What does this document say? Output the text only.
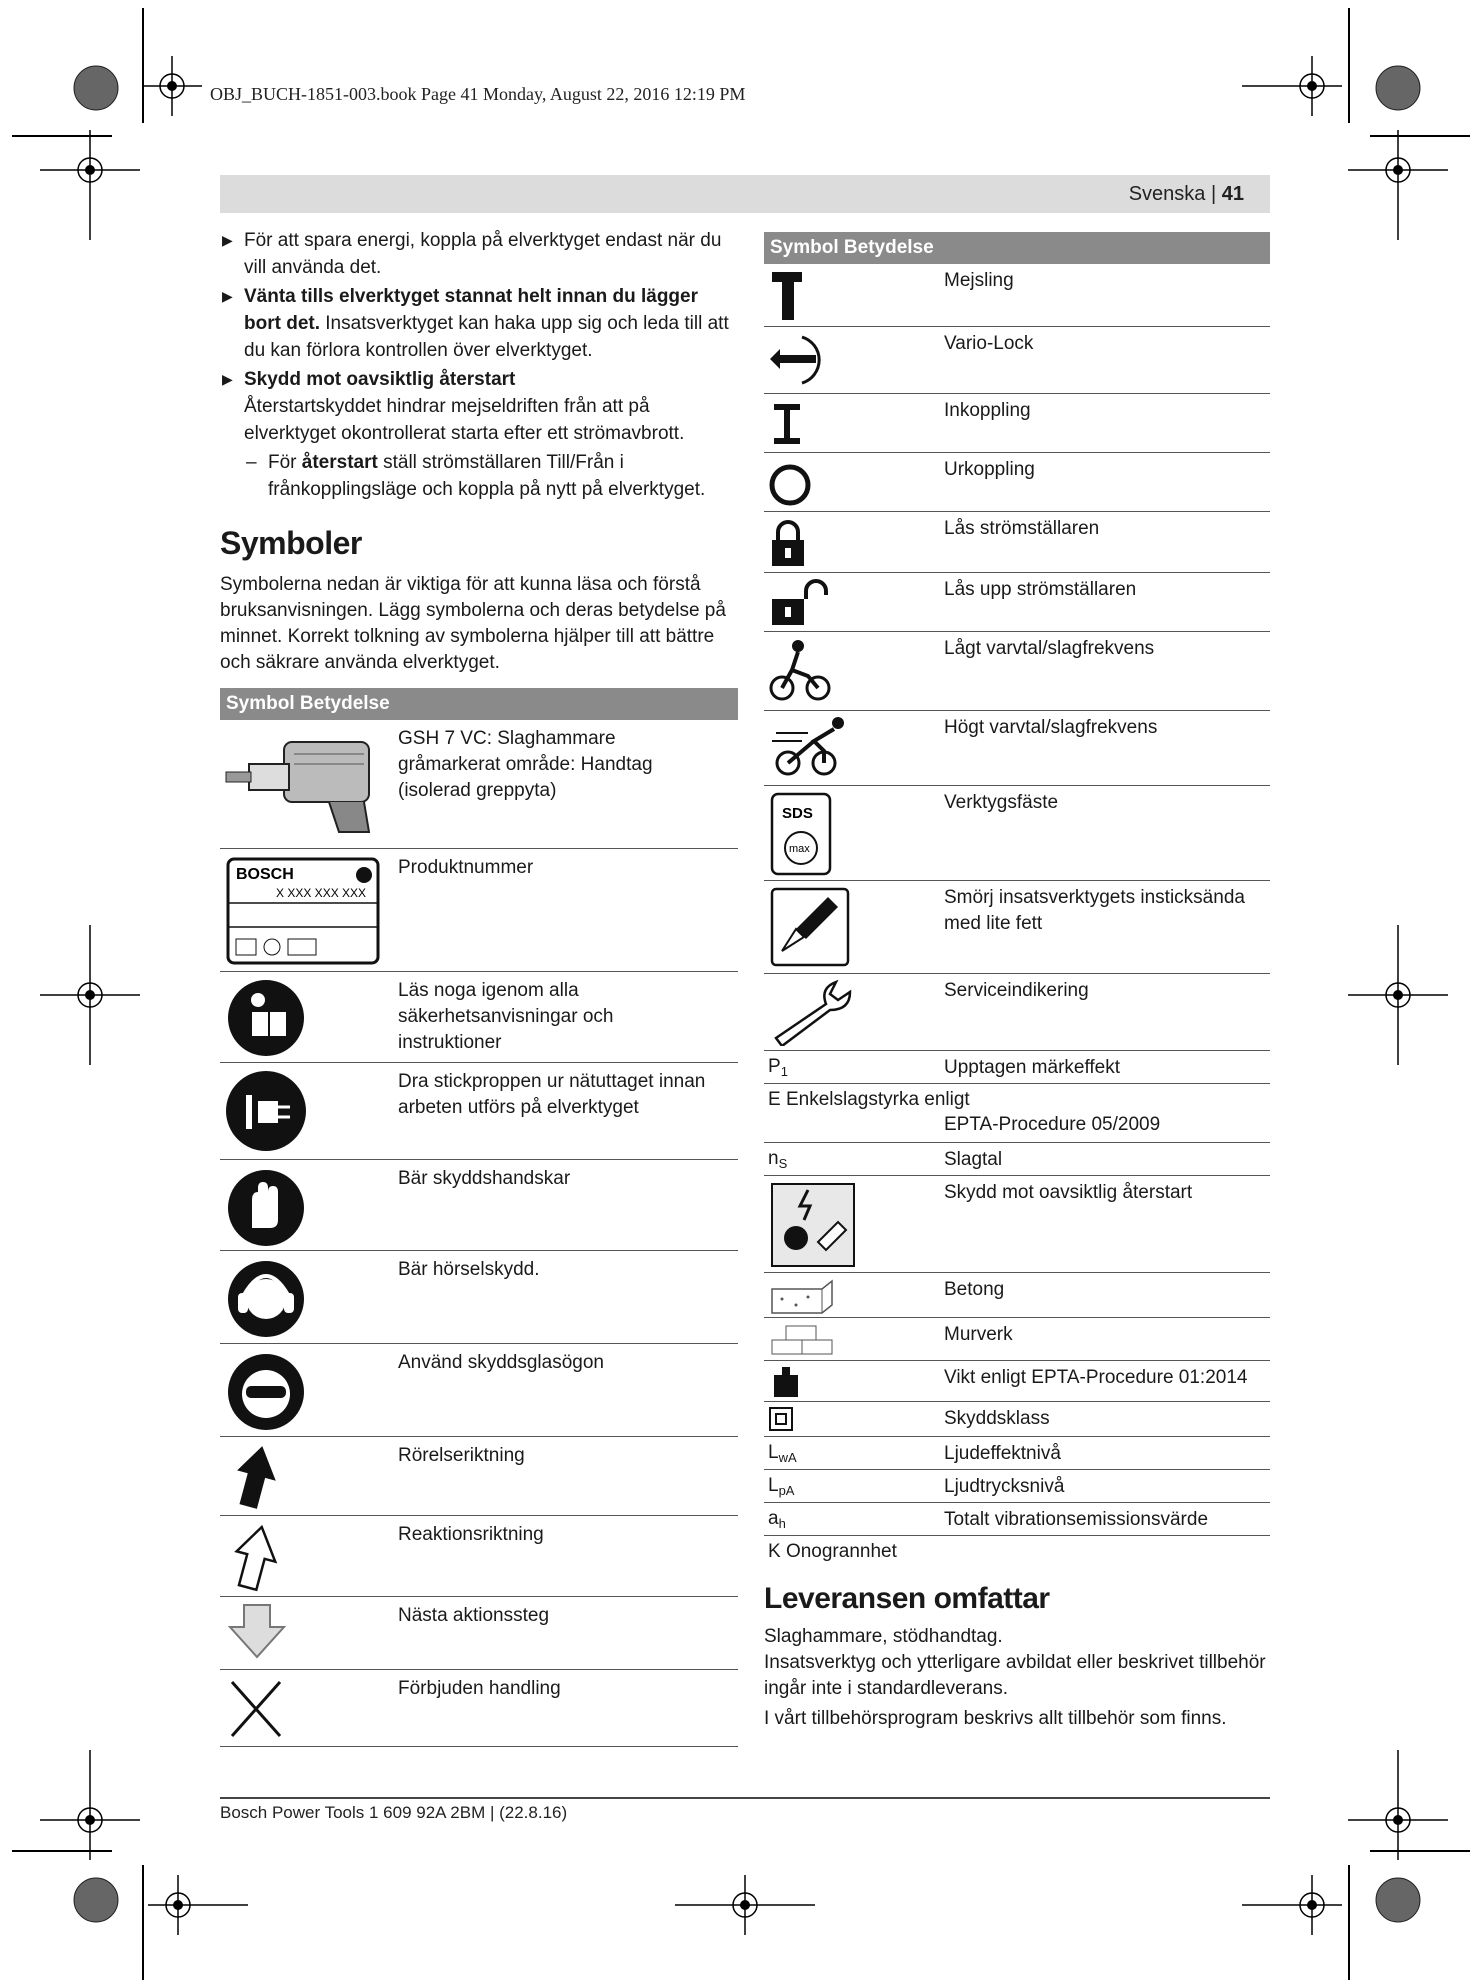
OBJ_BUCH-1851-003.book Page 41 Monday, August 22, 2016 12:19 PM
Svenska | 41
▶ För att spara energi, koppla på elverktyget endast när du vill använda det.
▶ Vänta tills elverktyget stannat helt innan du lägger bort det. Insatsverktyget kan haka upp sig och leda till att du kan förlora kontrollen över elverktyget.
▶ Skydd mot oavsiktlig återstart
Återstartskyddet hindrar mejseldriften från att på elverktyget okontrollerat starta efter ett strömavbrott.
– För återstart ställ strömställaren Till/Från i frånkopplingsläge och koppla på nytt på elverktyget.
Symboler
Symbolerna nedan är viktiga för att kunna läsa och förstå bruksanvisningen. Lägg symbolerna och deras betydelse på minnet. Korrekt tolkning av symbolerna hjälper till att bättre och säkrare använda elverktyget.
Symbol Betydelse
GSH 7 VC: Slaghammare
gråmarkerat område: Handtag (isolerad greppyta)
BOSCH
X XXX XXX XXX
Produktnummer
Läs noga igenom alla säkerhetsanvisningar och instruktioner
Dra stickproppen ur nätuttaget innan arbeten utförs på elverktyget
Bär skyddshandskar
Bär hörselskydd.
Använd skyddsglasögon
Rörelseriktning
Reaktionsriktning
Nästa aktionssteg
Förbjuden handling
Symbol Betydelse
Mejsling
Vario-Lock
Inkoppling
Urkoppling
Lås strömställaren
Lås upp strömställaren
Lågt varvtal/slagfrekvens
Högt varvtal/slagfrekvens
SDS
max
Verktygsfäste
Smörj insatsverktygets insticksända med lite fett
Serviceindikering
$P_1$	Upptagen märkeffekt
E Enkelslagstyrka enligt
EPTA-Procedure 05/2009
$n_S$	Slagtal
Skydd mot oavsiktlig återstart
Betong
Murverk
Vikt enligt EPTA-Procedure 01:2014
Skyddsklass
$L_{wA}$	Ljudeffektnivå
$L_{pA}$	Ljudtrycksnivå
$a_h$	Totalt vibrationsemissionsvärde
K Onogrannhet
Leveransen omfattar

Slaghammare, stödhandtag.

Insatsverktyg och ytterligare avbildat eller beskrivet tillbehör ingår inte i standardleverans.

I vårt tillbehörsprogram beskrivs allt tillbehör som finns.

Bosch Power Tools 1 609 92A 2BM | (22.8.16)
